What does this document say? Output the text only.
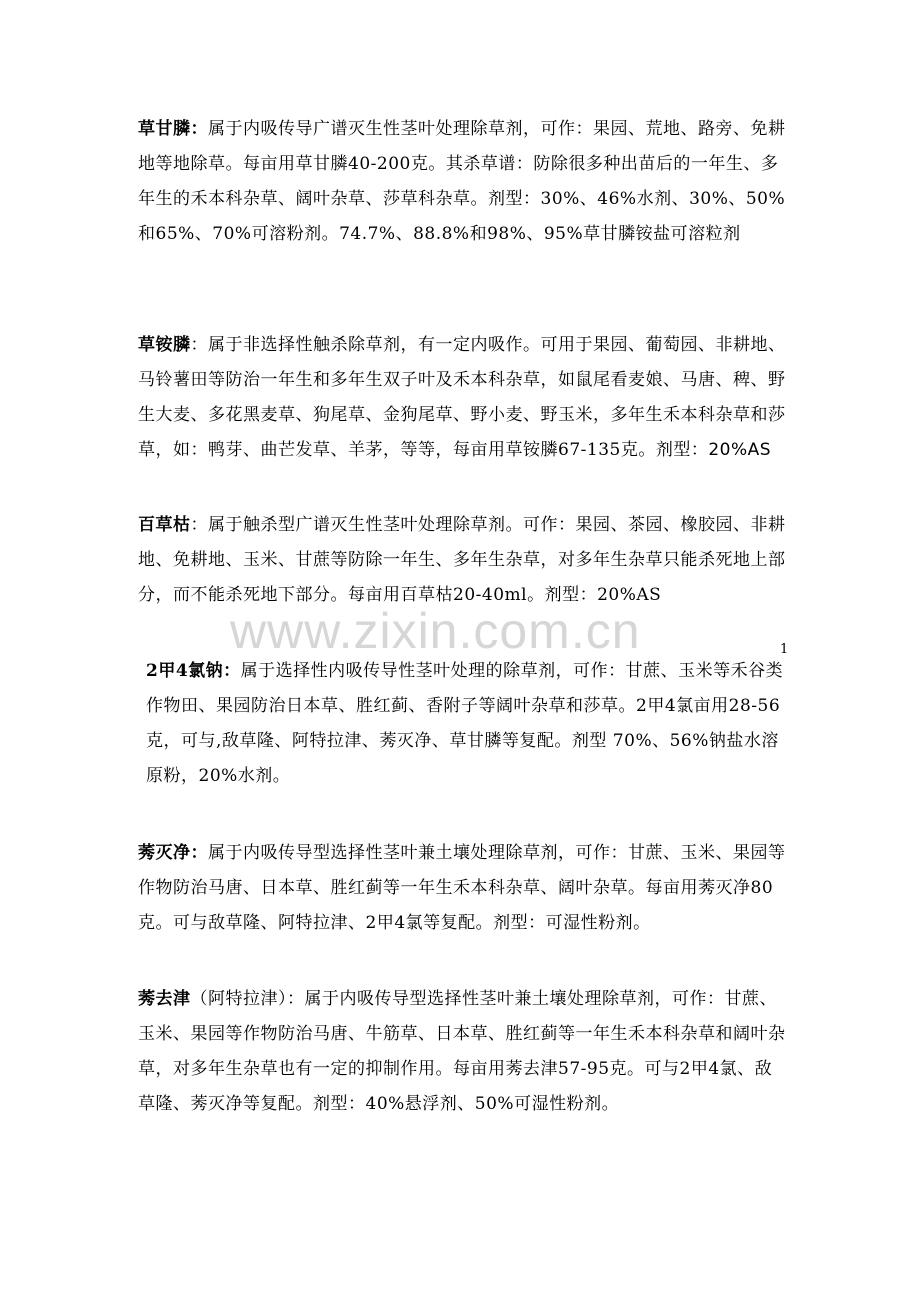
www.zixin.com.cn	1

草甘膦：属于内吸传导广谱灭生性茎叶处理除草剂，可作：果园、荒地、路旁、免耕地等地除草。每亩用草甘膦40-200克。其杀草谱：防除很多种出苗后的一年生、多年生的禾本科杂草、阔叶杂草、莎草科杂草。剂型：30%、46%水剂、30%、50%和65%、70%可溶粉剂。74.7%、88.8%和98%、95%草甘膦铵盐可溶粒剂

草铵膦：属于非选择性触杀除草剂，有一定内吸作。可用于果园、葡萄园、非耕地、马铃薯田等防治一年生和多年生双子叶及禾本科杂草，如鼠尾看麦娘、马唐、稗、野生大麦、多花黑麦草、狗尾草、金狗尾草、野小麦、野玉米，多年生禾本科杂草和莎草，如：鸭芽、曲芒发草、羊茅，等等，每亩用草铵膦67-135克。剂型：20%AS

百草枯：属于触杀型广谱灭生性茎叶处理除草剂。可作：果园、茶园、橡胶园、非耕地、免耕地、玉米、甘蔗等防除一年生、多年生杂草，对多年生杂草只能杀死地上部分，而不能杀死地下部分。每亩用百草枯20-40ml。剂型：20%AS

2甲4氯钠：属于选择性内吸传导性茎叶处理的除草剂，可作：甘蔗、玉米等禾谷类作物田、果园防治日本草、胜红蓟、香附子等阔叶杂草和莎草。2甲4氯亩用28-56克，可与,敌草隆、阿特拉津、莠灭净、草甘膦等复配。剂型 70%、56%钠盐水溶原粉，20%水剂。

莠灭净：属于内吸传导型选择性茎叶兼土壤处理除草剂，可作：甘蔗、玉米、果园等作物防治马唐、日本草、胜红蓟等一年生禾本科杂草、阔叶杂草。每亩用莠灭净80克。可与敌草隆、阿特拉津、2甲4氯等复配。剂型：可湿性粉剂。

莠去津（阿特拉津）：属于内吸传导型选择性茎叶兼土壤处理除草剂，可作：甘蔗、玉米、果园等作物防治马唐、牛筋草、日本草、胜红蓟等一年生禾本科杂草和阔叶杂草，对多年生杂草也有一定的抑制作用。每亩用莠去津57-95克。可与2甲4氯、敌草隆、莠灭净等复配。剂型：40%悬浮剂、50%可湿性粉剂。
